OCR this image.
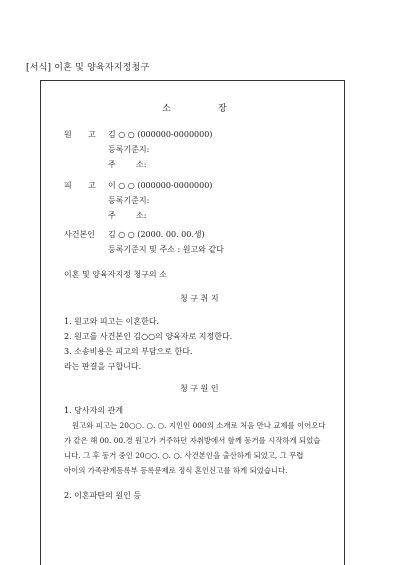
[서식] 이혼 및 양육자지정청구
소	장
원 고 김 ○ ○ (000000-0000000)
등록기준지:
주	소:
피 고 이 ○ ○ (000000-0000000)
등록기준지:
주	소:
사건본인 김 ○ ○ (2000. 00. 00.생)
등록기준지 및 주소 : 원고와 같다
이혼 및 양육자지정 청구의 소
청 구 취 지
1. 원고와 피고는 이혼한다.
2. 원고를 사건본인 김○○의 양육자로 지정한다.
3. 소송비용은 피고의 부담으로 한다.
라는 판결을 구합니다.
청 구 원 인
1. 당사자의 관계
원고와 피고는 20○○. ○. ○. 지인인 000의 소개로 처음 만나 교제를 이어오다
가 같은 해 00. 00.경 원고가 거주하던 자취방에서 함께 동거를 시작하게 되었습
니다. 그 후 동거 중인 20○○. ○. ○. 사건본인을 출산하게 되었고, 그 무렵
아이의 가족관계등록부 등록문제로 정식 혼인신고를 하게 되었습니다.
2. 이혼파탄의 원인 등
